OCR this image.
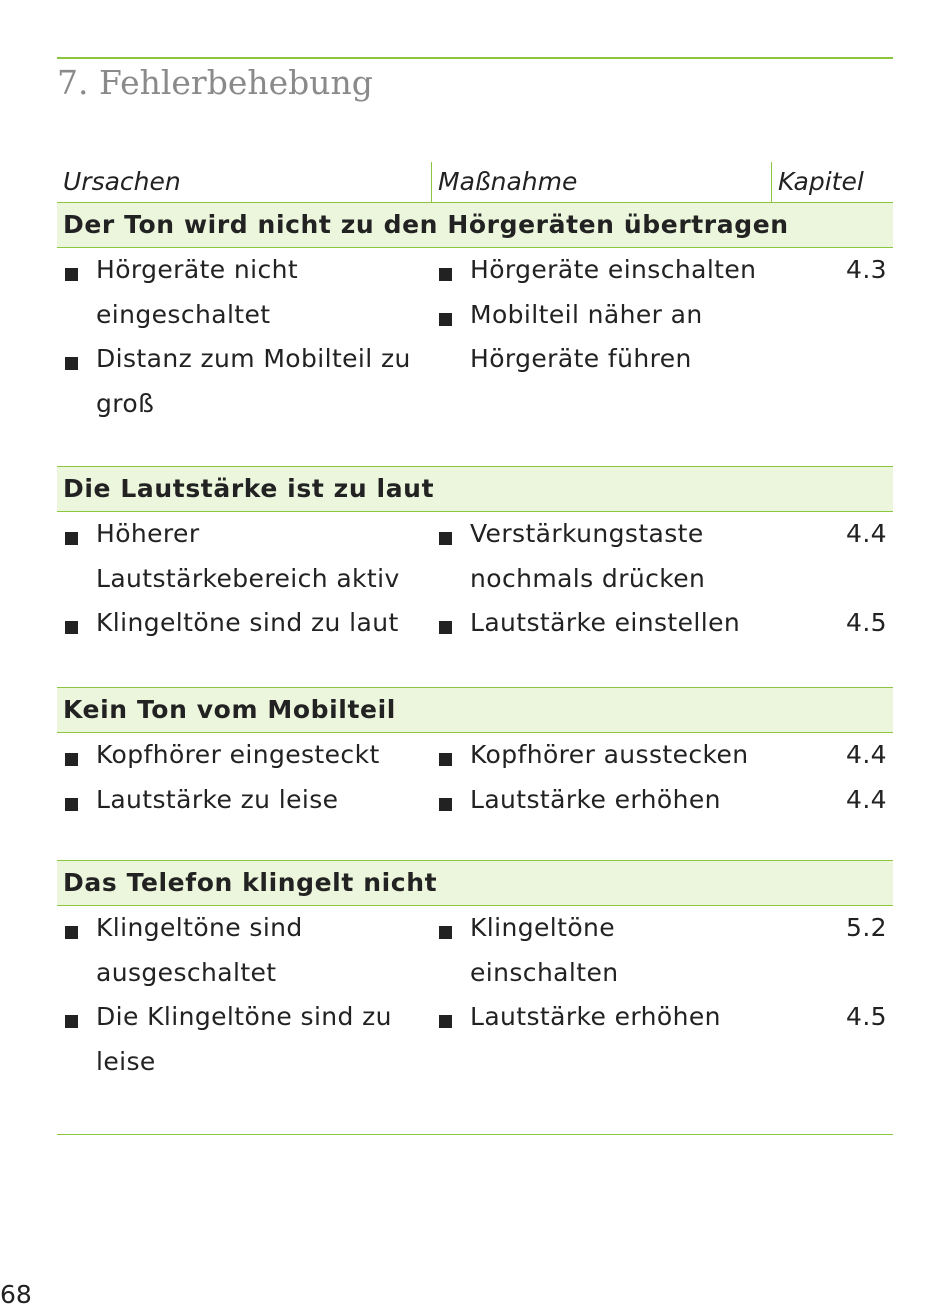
7. Fehlerbehebung
Ursachen	Maßnahme	Kapitel
Der Ton wird nicht zu den Hörgeräten übertragen
Hörgeräte nicht eingeschaltet
Distanz zum Mobilteil zu groß
Hörgeräte einschalten
Mobilteil näher an Hörgeräte führen
4.3
Die Lautstärke ist zu laut
Höherer Lautstärkebereich aktiv
Klingeltöne sind zu laut
Verstärkungstaste nochmals drücken
Lautstärke einstellen
4.4
4.5
Kein Ton vom Mobilteil
Kopfhörer eingesteckt
Lautstärke zu leise
Kopfhörer ausstecken
Lautstärke erhöhen
4.4
4.4
Das Telefon klingelt nicht
Klingeltöne sind ausgeschaltet
Die Klingeltöne sind zu leise
Klingeltöne einschalten
Lautstärke erhöhen
5.2
4.5
68
